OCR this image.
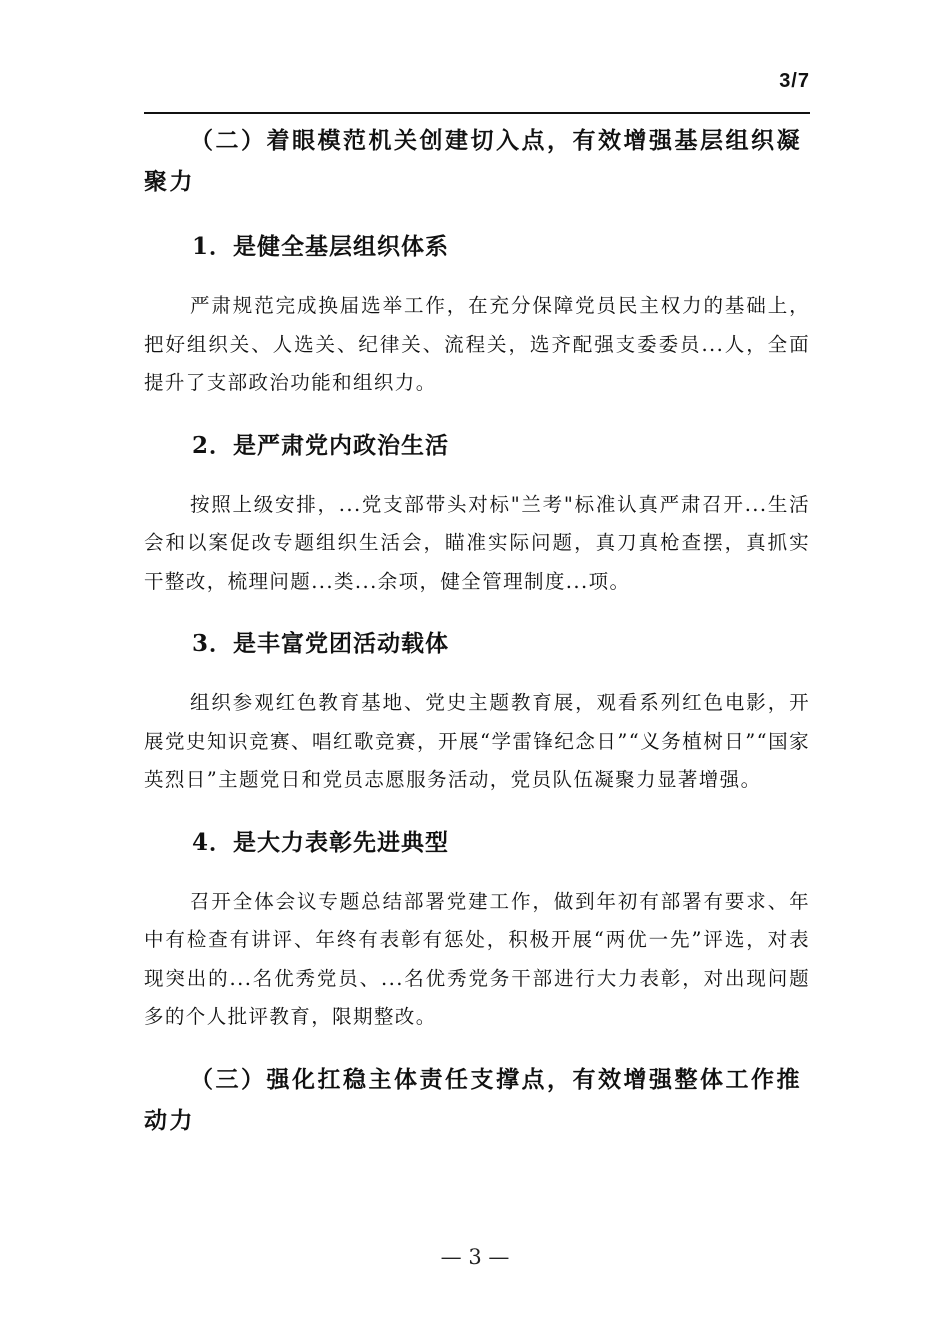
3/7

（二）着眼模范机关创建切入点，有效增强基层组织凝聚力

1．是健全基层组织体系

严肃规范完成换届选举工作，在充分保障党员民主权力的基础上，把好组织关、人选关、纪律关、流程关，选齐配强支委委员...人，全面提升了支部政治功能和组织力。

2．是严肃党内政治生活

按照上级安排，...党支部带头对标"兰考"标准认真严肃召开...生活会和以案促改专题组织生活会，瞄准实际问题，真刀真枪查摆，真抓实干整改，梳理问题...类...余项，健全管理制度...项。

3．是丰富党团活动载体

组织参观红色教育基地、党史主题教育展，观看系列红色电影，开展党史知识竞赛、唱红歌竞赛，开展“学雷锋纪念日”“义务植树日”“国家英烈日”主题党日和党员志愿服务活动，党员队伍凝聚力显著增强。

4．是大力表彰先进典型

召开全体会议专题总结部署党建工作，做到年初有部署有要求、年中有检查有讲评、年终有表彰有惩处，积极开展“两优一先”评选，对表现突出的...名优秀党员、...名优秀党务干部进行大力表彰，对出现问题多的个人批评教育，限期整改。

（三）强化扛稳主体责任支撑点，有效增强整体工作推动力

— 3 —
